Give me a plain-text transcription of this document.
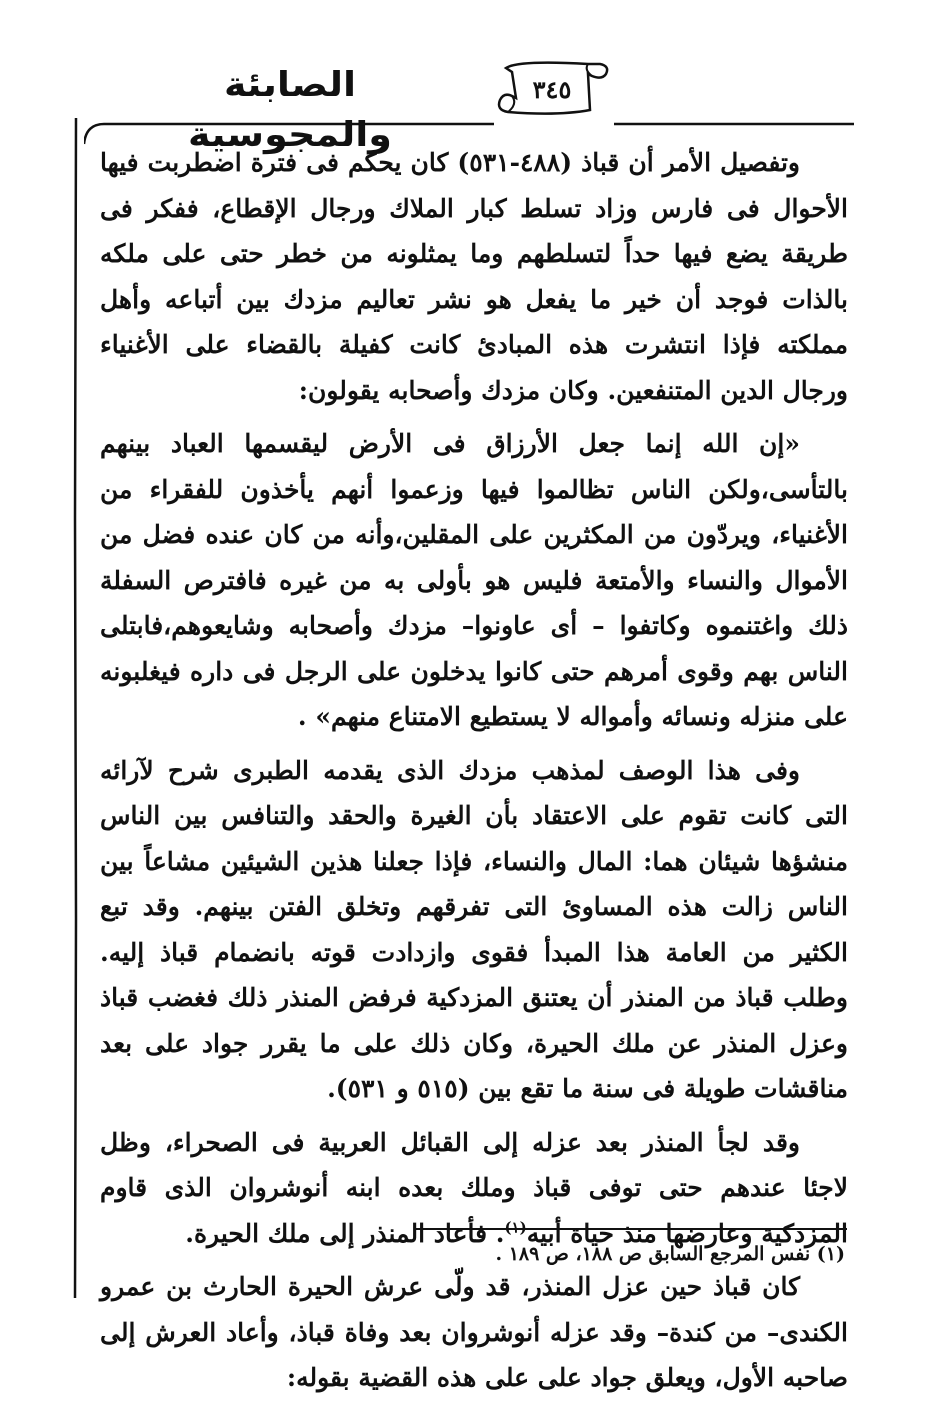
الصابئة والمجوسية
٣٤٥

وتفصيل الأمر أن قباذ (٤٨٨-٥٣١) كان يحكم فى فترة اضطربت فيها الأحوال فى فارس وزاد تسلط كبار الملاك ورجال الإقطاع، ففكر فى طريقة يضع فيها حداً لتسلطهم وما يمثلونه من خطر حتى على ملكه بالذات فوجد أن خير ما يفعل هو نشر تعاليم مزدك بين أتباعه وأهل مملكته فإذا انتشرت هذه المبادئ كانت كفيلة بالقضاء على الأغنياء ورجال الدين المتنفعين. وكان مزدك وأصحابه يقولون:

«إن الله إنما جعل الأرزاق فى الأرض ليقسمها العباد بينهم بالتأسى،ولكن الناس تظالموا فيها وزعموا أنهم يأخذون للفقراء من الأغنياء، ويردّون من المكثرين على المقلين،وأنه من كان عنده فضل من الأموال والنساء والأمتعة فليس هو بأولى به من غيره فافترص السفلة ذلك واغتنموه وكاتفوا – أى عاونوا– مزدك وأصحابه وشايعوهم،فابتلى الناس بهم وقوى أمرهم حتى كانوا يدخلون على الرجل فى داره فيغلبونه على منزله ونسائه وأمواله لا يستطيع الامتناع منهم» .

وفى هذا الوصف لمذهب مزدك الذى يقدمه الطبرى شرح لآرائه التى كانت تقوم على الاعتقاد بأن الغيرة والحقد والتنافس بين الناس منشؤها شيئان هما: المال والنساء، فإذا جعلنا هذين الشيئين مشاعاً بين الناس زالت هذه المساوئ التى تفرقهم وتخلق الفتن بينهم. وقد تبع الكثير من العامة هذا المبدأ فقوى وازدادت قوته بانضمام قباذ إليه. وطلب قباذ من المنذر أن يعتنق المزدكية فرفض المنذر ذلك فغضب قباذ وعزل المنذر عن ملك الحيرة، وكان ذلك على ما يقرر جواد على بعد مناقشات طويلة فى سنة ما تقع بين (٥١٥ و ٥٣١).

وقد لجأ المنذر بعد عزله إلى القبائل العربية فى الصحراء، وظل لاجئا عندهم حتى توفى قباذ وملك بعده ابنه أنوشروان الذى قاوم المزدكية وعارضها منذ حياة أبيه$^{(١)}$. فأعاد المنذر إلى ملك الحيرة.

كان قباذ حين عزل المنذر، قد ولّى عرش الحيرة الحارث بن عمرو الكندى– من كندة– وقد عزله أنوشروان بعد وفاة قباذ، وأعاد العرش إلى صاحبه الأول، ويعلق جواد على على هذه القضية بقوله:

(١) نفس المرجع السابق ص ١٨٨، ص ١٨٩ .
